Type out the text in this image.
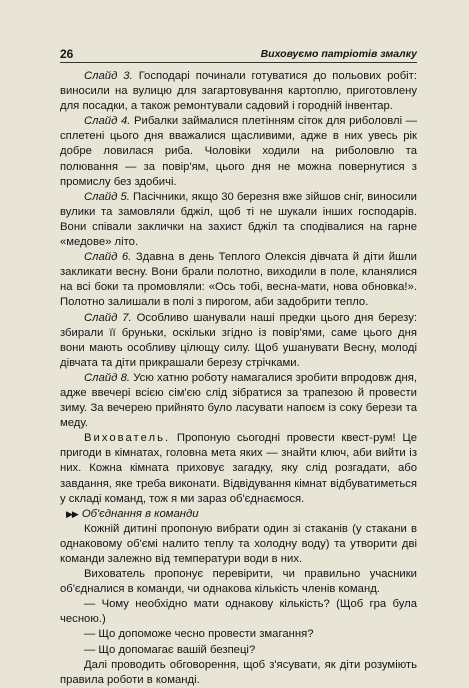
26	Виховуємо патріотів змалку

Слайд 3. Господарі починали готуватися до польових робіт: виносили на вулицю для загартовування картоплю, приготовлену для посадки, а також ремонтували садовий і городній інвентар.

Слайд 4. Рибалки займалися плетінням сіток для риболовлі — сплетені цього дня вважалися щасливими, адже в них увесь рік добре ловилася риба. Чоловіки ходили на риболовлю та полювання — за повір'ям, цього дня не можна повернутися з промислу без здобичі.

Слайд 5. Пасічники, якщо 30 березня вже зійшов сніг, виносили вулики та замовляли бджіл, щоб ті не шукали інших господарів. Вони співали заклички на захист бджіл та сподівалися на гарне «медове» літо.

Слайд 6. Здавна в день Теплого Олексія дівчата й діти йшли закликати весну. Вони брали полотно, виходили в поле, кланялися на всі боки та промовляли: «Ось тобі, весна-мати, нова обновка!». Полотно залишали в полі з пирогом, аби задобрити тепло.

Слайд 7. Особливо шанували наші предки цього дня березу: збирали її бруньки, оскільки згідно із повір'ями, саме цього дня вони мають особливу цілющу силу. Щоб ушанувати Весну, молоді дівчата та діти прикрашали березу стрічками.

Слайд 8. Усю хатню роботу намагалися зробити впродовж дня, адже ввечері всією сім'єю слід зібратися за трапезою й провести зиму. За вечерею прийнято було ласувати напоєм із соку берези та меду.

Вихователь. Пропоную сьогодні провести квест-рум! Це пригоди в кімнатах, головна мета яких — знайти ключ, аби вийти із них. Кожна кімната приховує загадку, яку слід розгадати, або завдання, яке треба виконати. Відвідування кімнат відбуватиметься у складі команд, тож я ми зараз об'єднаємося.

▶▶ Об'єднання в команди

Кожній дитині пропоную вибрати один зі стаканів (у стакани в однаковому об'ємі налито теплу та холодну воду) та утворити дві команди залежно від температури води в них.

Вихователь пропонує перевірити, чи правильно учасники об'єдналися в команди, чи однакова кількість членів команд.

— Чому необхідно мати однакову кількість? (Щоб гра була чесною.)

— Що допоможе чесно провести змагання?

— Що допомагає вашій безпеці?

Далі проводить обговорення, щоб з'ясувати, як діти розуміють правила роботи в команді.
